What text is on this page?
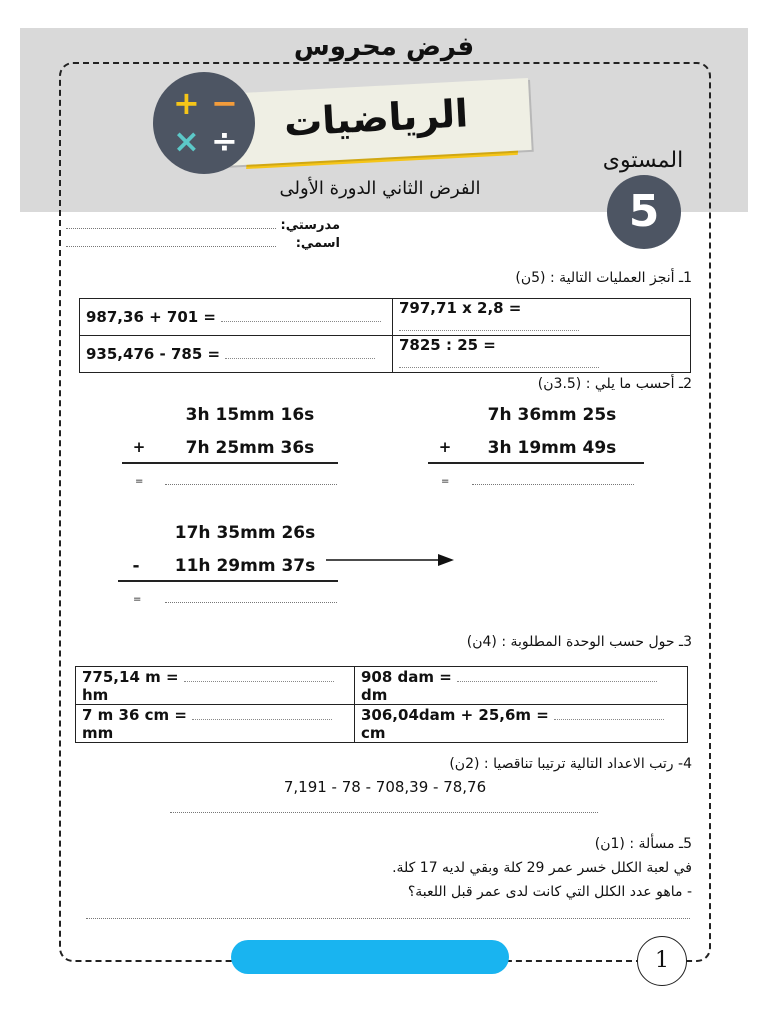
فرض محروس
الرياضيات
+ −
× ÷
المستوى
5
الفرض الثاني الدورة الأولى
مدرستي:
اسمي:
1ـ أنجز العمليات التالية : (5ن)
987,36 + 701 =	797,71 x 2,8 =
935,476 - 785 =	7825 : 25 =
2ـ أحسب ما يلي : (3.5ن)
3h 15mm 16s
+	7h 25mm 36s
=
7h 36mm 25s
+	3h 19mm 49s
=
17h 35mm 26s
-	11h 29mm 37s
=
3ـ حول حسب الوحدة المطلوبة : (4ن)
775,14 m =  hm	908 dam =  dm
7 m 36 cm =  mm	306,04dam + 25,6m =  cm
4- رتب الاعداد التالية ترتيبا تناقصيا : (2ن)
7,191 - 78 - 708,39 - 78,76
5ـ مسألة : (1ن)
في لعبة الكلل خسر عمر 29 كلة وبقي لديه 17 كلة.
- ماهو عدد الكلل التي كانت لدى عمر قبل اللعبة؟
1
